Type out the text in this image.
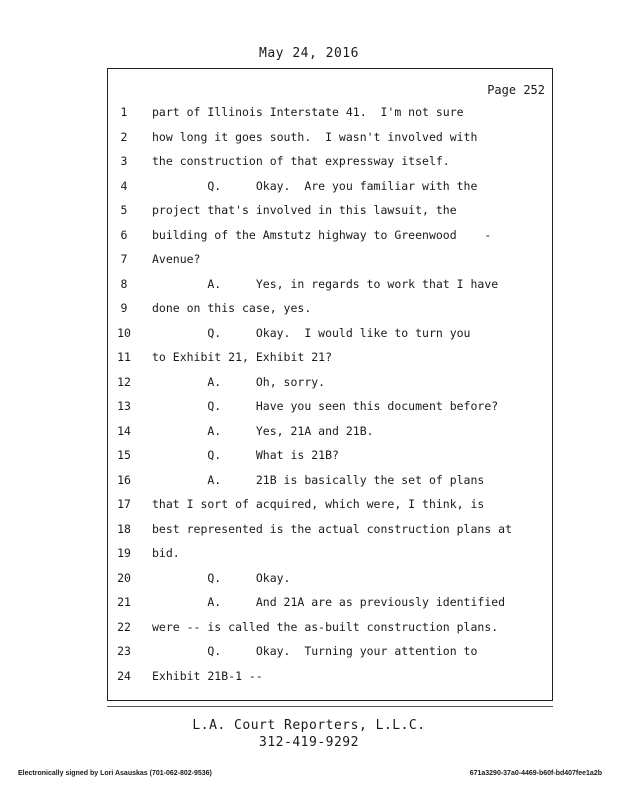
May 24, 2016
Page 252
1	part of Illinois Interstate 41.  I'm not sure
2	how long it goes south.  I wasn't involved with
3	the construction of that expressway itself.
4	Q.     Okay.  Are you familiar with the
5	project that's involved in this lawsuit, the
6	building of the Amstutz highway to Greenwood    -
7	Avenue?
8	A.     Yes, in regards to work that I have
9	done on this case, yes.
10	Q.     Okay.  I would like to turn you
11	to Exhibit 21, Exhibit 21?
12	A.     Oh, sorry.
13	Q.     Have you seen this document before?
14	A.     Yes, 21A and 21B.
15	Q.     What is 21B?
16	A.     21B is basically the set of plans
17	that I sort of acquired, which were, I think, is
18	best represented is the actual construction plans at
19	bid.
20	Q.     Okay.
21	A.     And 21A are as previously identified
22	were -- is called the as-built construction plans.
23	Q.     Okay.  Turning your attention to
24	Exhibit 21B-1 --
L.A. Court Reporters, L.L.C.
312-419-9292
Electronically signed by Lori Asauskas (701-062-802-9536)	671a3290-37a0-4469-b60f-bd407fee1a2b
